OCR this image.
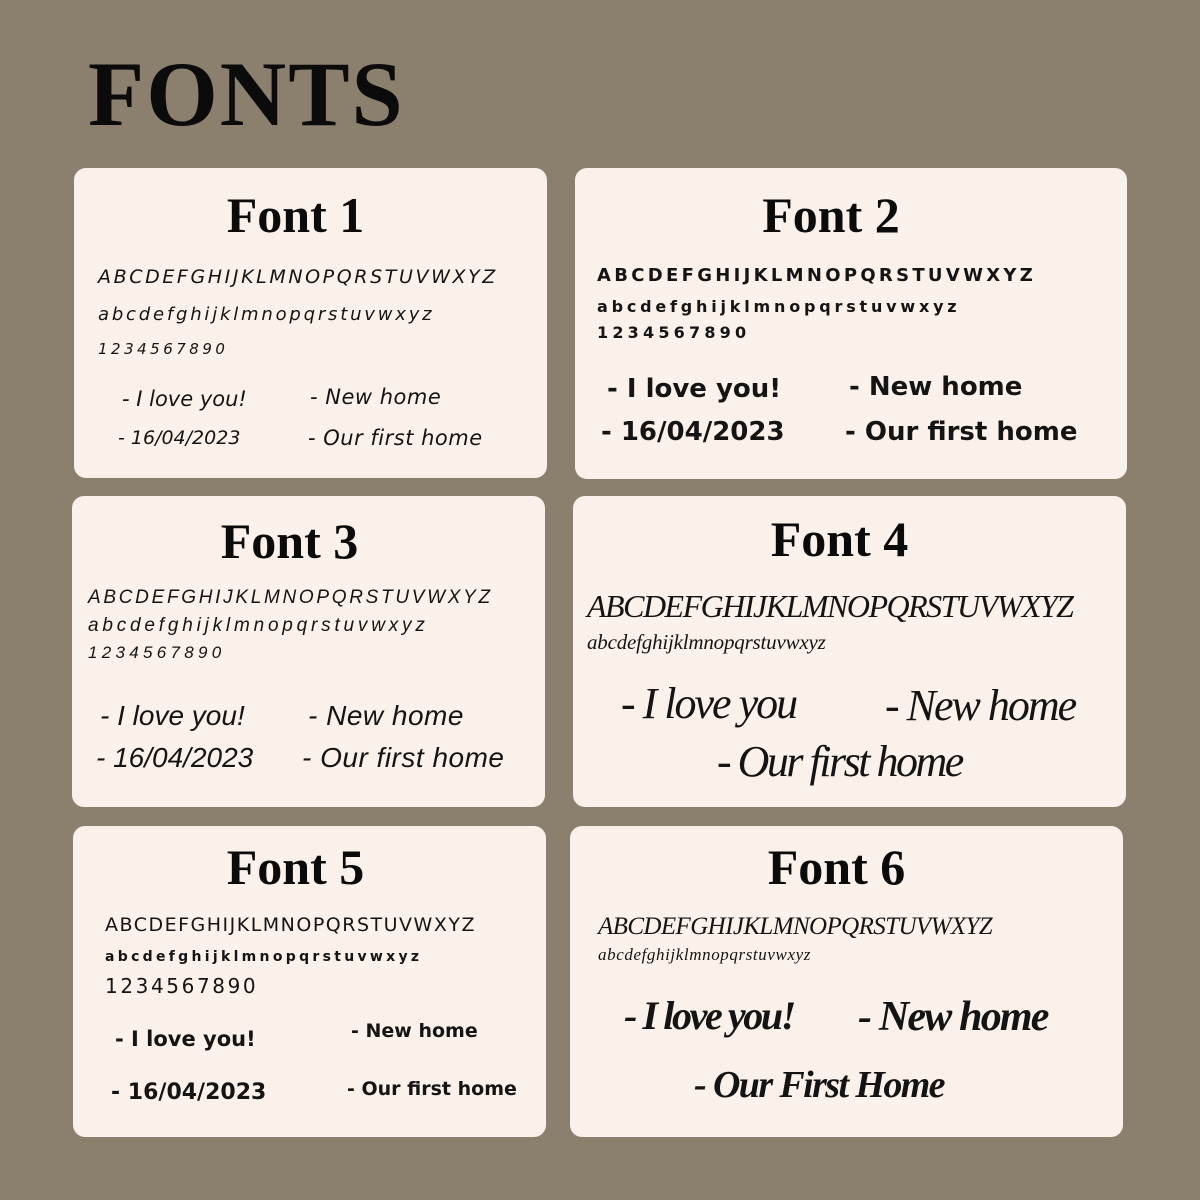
FONTS
Font 1
ABCDEFGHIJKLMNOPQRSTUVWXYZ
abcdefghijklmnopqrstuvwxyz
1234567890
- I love you!	- New home
- 16/04/2023	- Our first home
Font 2
ABCDEFGHIJKLMNOPQRSTUVWXYZ
abcdefghijklmnopqrstuvwxyz
1234567890
- I love you!	- New home
- 16/04/2023 - Our first home
Font 3
ABCDEFGHIJKLMNOPQRSTUVWXYZ
abcdefghijklmnopqrstuvwxyz
1234567890
- I love you! - New home
- 16/04/2023 - Our first home
Font 4
ABCDEFGHIJKLMNOPQRSTUVWXYZ
abcdefghijklmnopqrstuvwxyz
- I love you - New home
- Our first home
Font 5
ABCDEFGHIJKLMNOPQRSTUVWXYZ
abcdefghijklmnopqrstuvwxyz
1234567890
- I love you!	- New home
- 16/04/2023	- Our first home
Font 6
ABCDEFGHIJKLMNOPQRSTUVWXYZ
abcdefghijklmnopqrstuvwxyz
- I love you! - New home
- Our First Home
